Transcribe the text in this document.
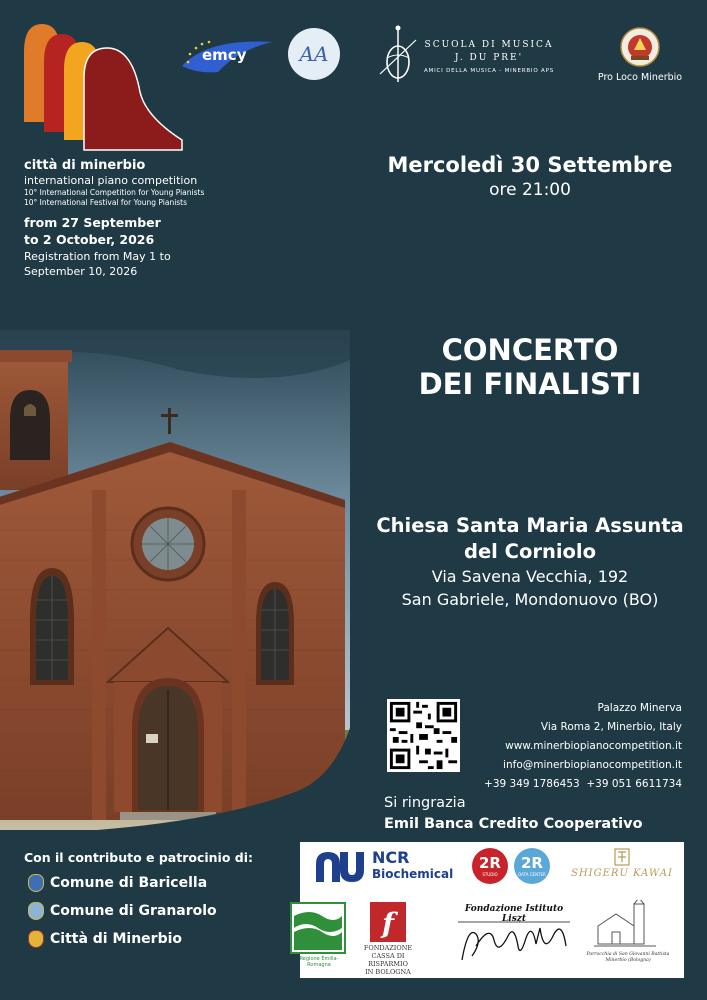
città di minerbio
international piano competition
10° International Competition for Young Pianists
10° International Festival for Young Pianists
from 27 September
to 2 October, 2026
Registration from May 1 to
September 10, 2026
emcy	AA	SCUOLA DI MUSICA
J. DU PRE'
AMICI DELLA MUSICA - MINERBIO APS
Pro Loco Minerbio
Mercoledì 30 Settembre
ore 21:00
CONCERTO
DEI FINALISTI
Chiesa Santa Maria Assunta
del Corniolo
Via Savena Vecchia, 192
San Gabriele, Mondonuovo (BO)
Palazzo Minerva
Via Roma 2, Minerbio, Italy
www.minerbiopianocompetition.it
info@minerbiopianocompetition.it
+39 349 1786453  +39 051 6611734
Si ringrazia
Emil Banca Credito Cooperativo
Con il contributo e patrocinio di:
Comune di Baricella
Comune di Granarolo
Città di Minerbio
NCR
Biochemical
2R
STUDIO
2R
DATA CENTER	SHIGERU KAWAI
Regione Emilia-Romagna
f
FONDAZIONE
CASSA DI RISPARMIO
IN BOLOGNA
Fondazione Istituto Liszt
Parrocchia di San Giovanni Battista
Minerbio (Bologna)
